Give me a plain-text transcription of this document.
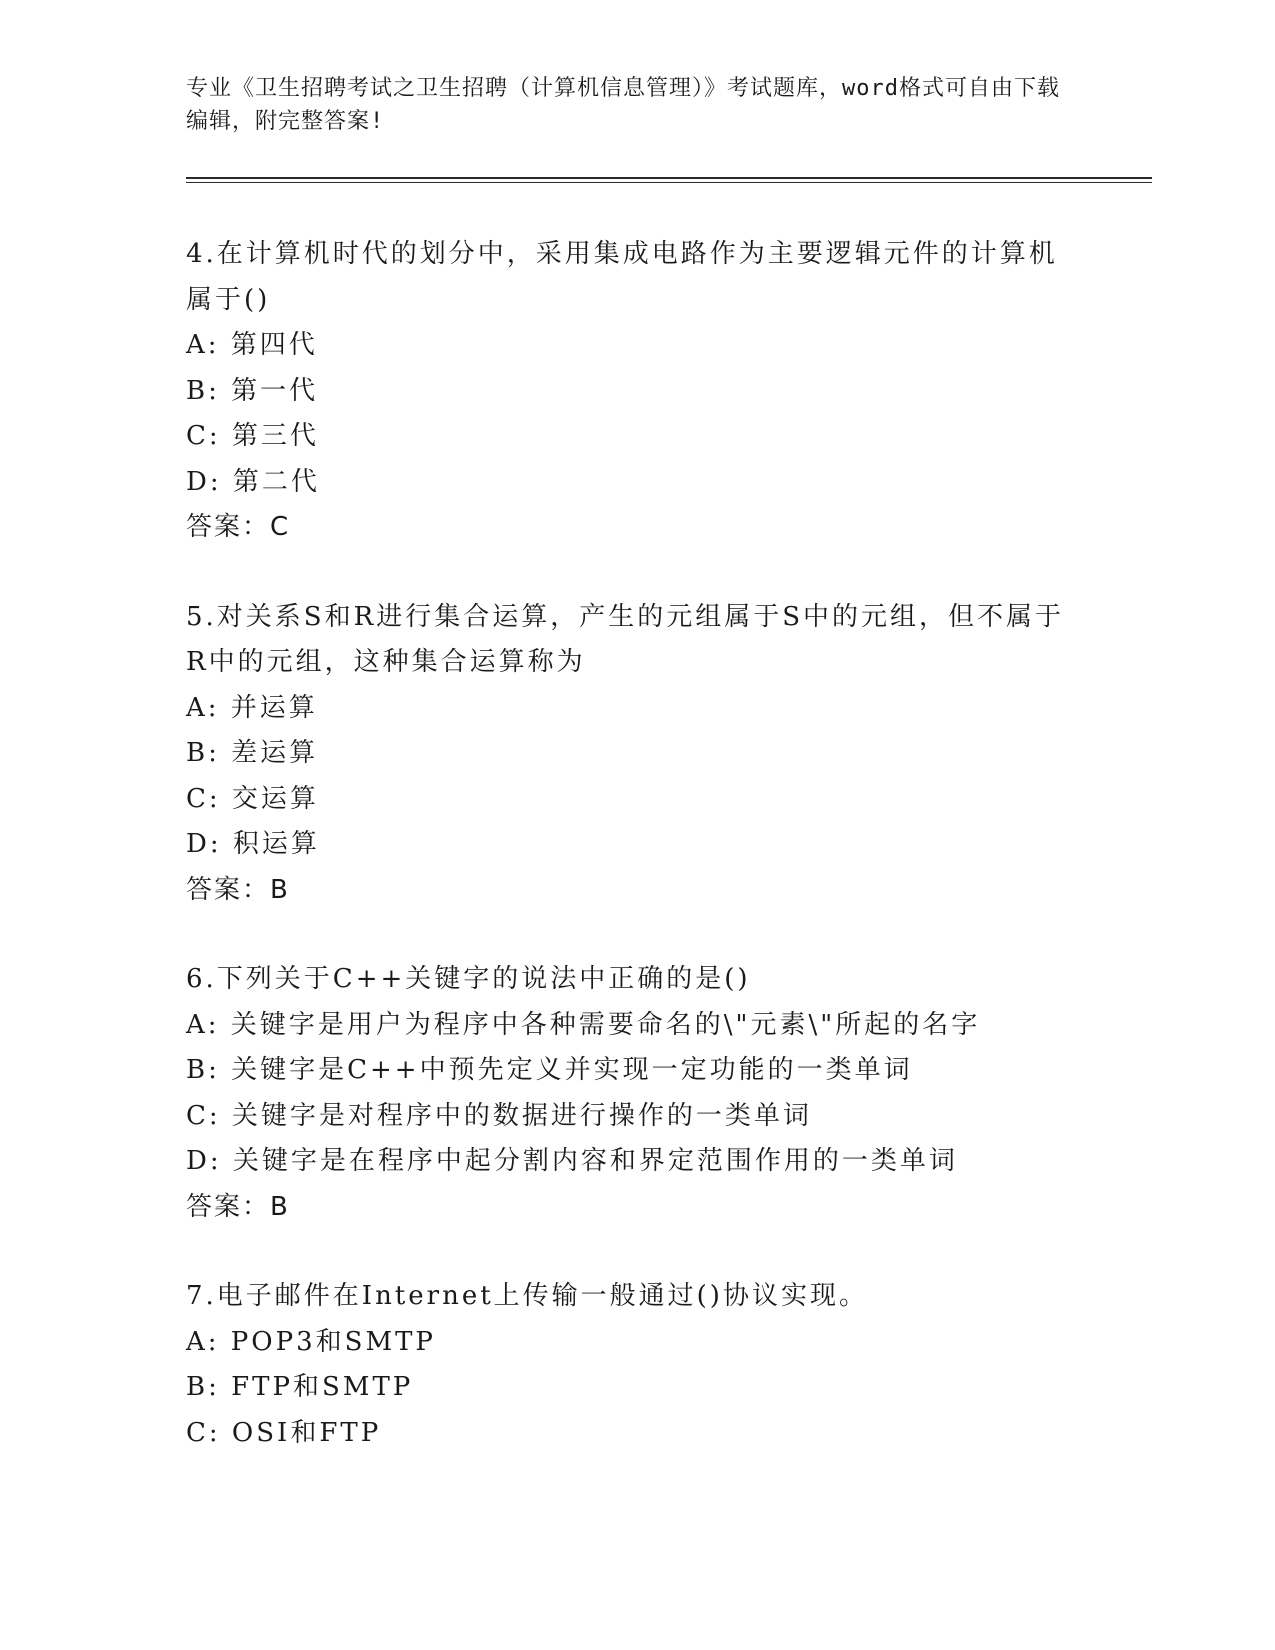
专业《卫生招聘考试之卫生招聘（计算机信息管理）》考试题库，word格式可自由下载编辑，附完整答案!

4.在计算机时代的划分中，采用集成电路作为主要逻辑元件的计算机属于()

A: 第四代

B: 第一代

C: 第三代

D: 第二代

答案：C

5.对关系S和R进行集合运算，产生的元组属于S中的元组，但不属于R中的元组，这种集合运算称为

A: 并运算

B: 差运算

C: 交运算

D: 积运算

答案：B

6.下列关于C++关键字的说法中正确的是()

A: 关键字是用户为程序中各种需要命名的\"元素\"所起的名字

B: 关键字是C++中预先定义并实现一定功能的一类单词

C: 关键字是对程序中的数据进行操作的一类单词

D: 关键字是在程序中起分割内容和界定范围作用的一类单词

答案：B

7.电子邮件在Internet上传输一般通过()协议实现。

A: POP3和SMTP

B: FTP和SMTP

C: OSI和FTP
